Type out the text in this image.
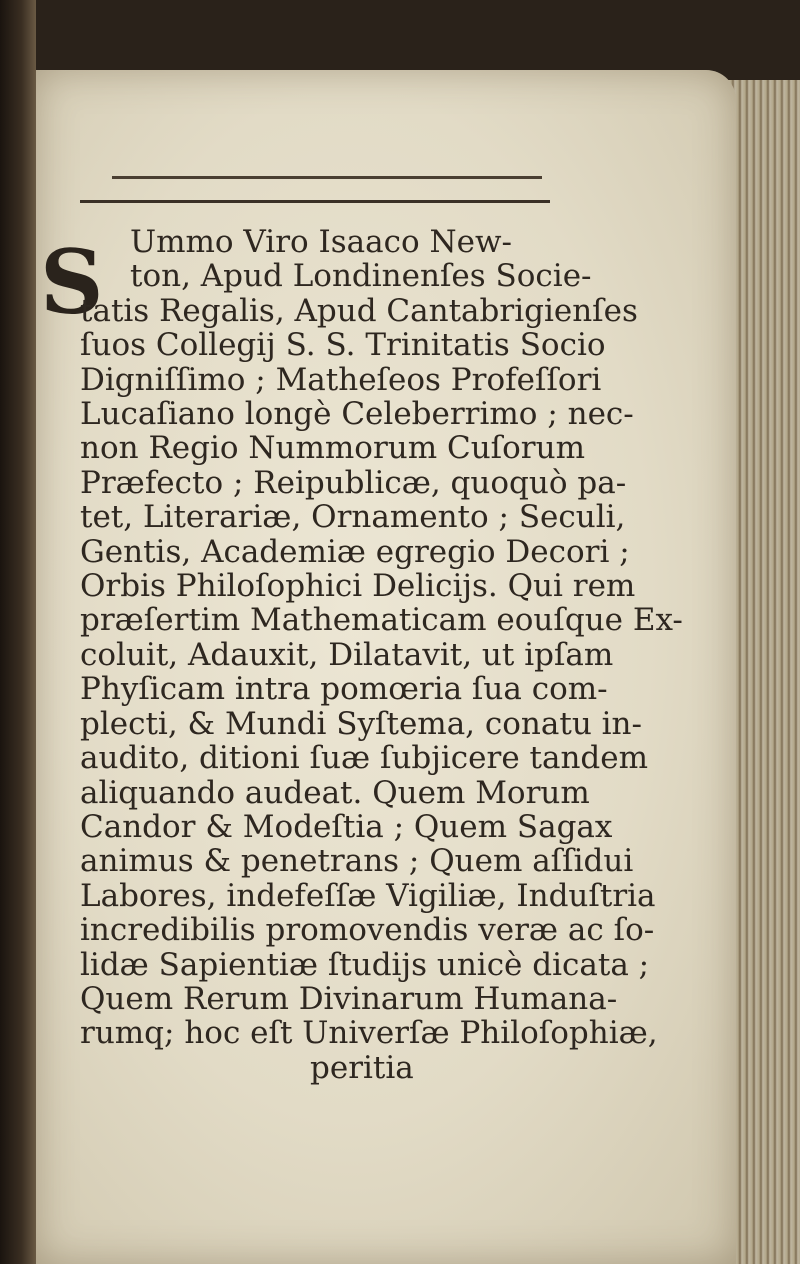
S Ummo Viro Isaaco New-
ton, Apud Londinenſes Socie-
tatis Regalis, Apud Cantabrigienſes
ſuos Collegij S. S. Trinitatis Socio
Digniſſimo ; Matheſeos Profeſſori
Lucaſiano longè Celeberrimo ; nec-
non Regio Nummorum Cuſorum
Præfecto ; Reipublicæ, quoquò pa-
tet, Literariæ, Ornamento ; Seculi,
Gentis, Academiæ egregio Decori ;
Orbis Philoſophici Delicijs. Qui rem
præſertim Mathematicam eouſque Ex-
coluit, Adauxit, Dilatavit, ut ipſam
Phyſicam intra pomœria ſua com-
plecti, & Mundi Syſtema, conatu in-
audito, ditioni ſuæ ſubjicere tandem
aliquando audeat. Quem Morum
Candor & Modeſtia ; Quem Sagax
animus & penetrans ; Quem aſſidui
Labores, indefeſſæ Vigiliæ, Induſtria
incredibilis promovendis veræ ac ſo-
lidæ Sapientiæ ſtudijs unicè dicata ;
Quem Rerum Divinarum Humana-
rumq; hoc eſt Univerſæ Philoſophiæ,
peritia
